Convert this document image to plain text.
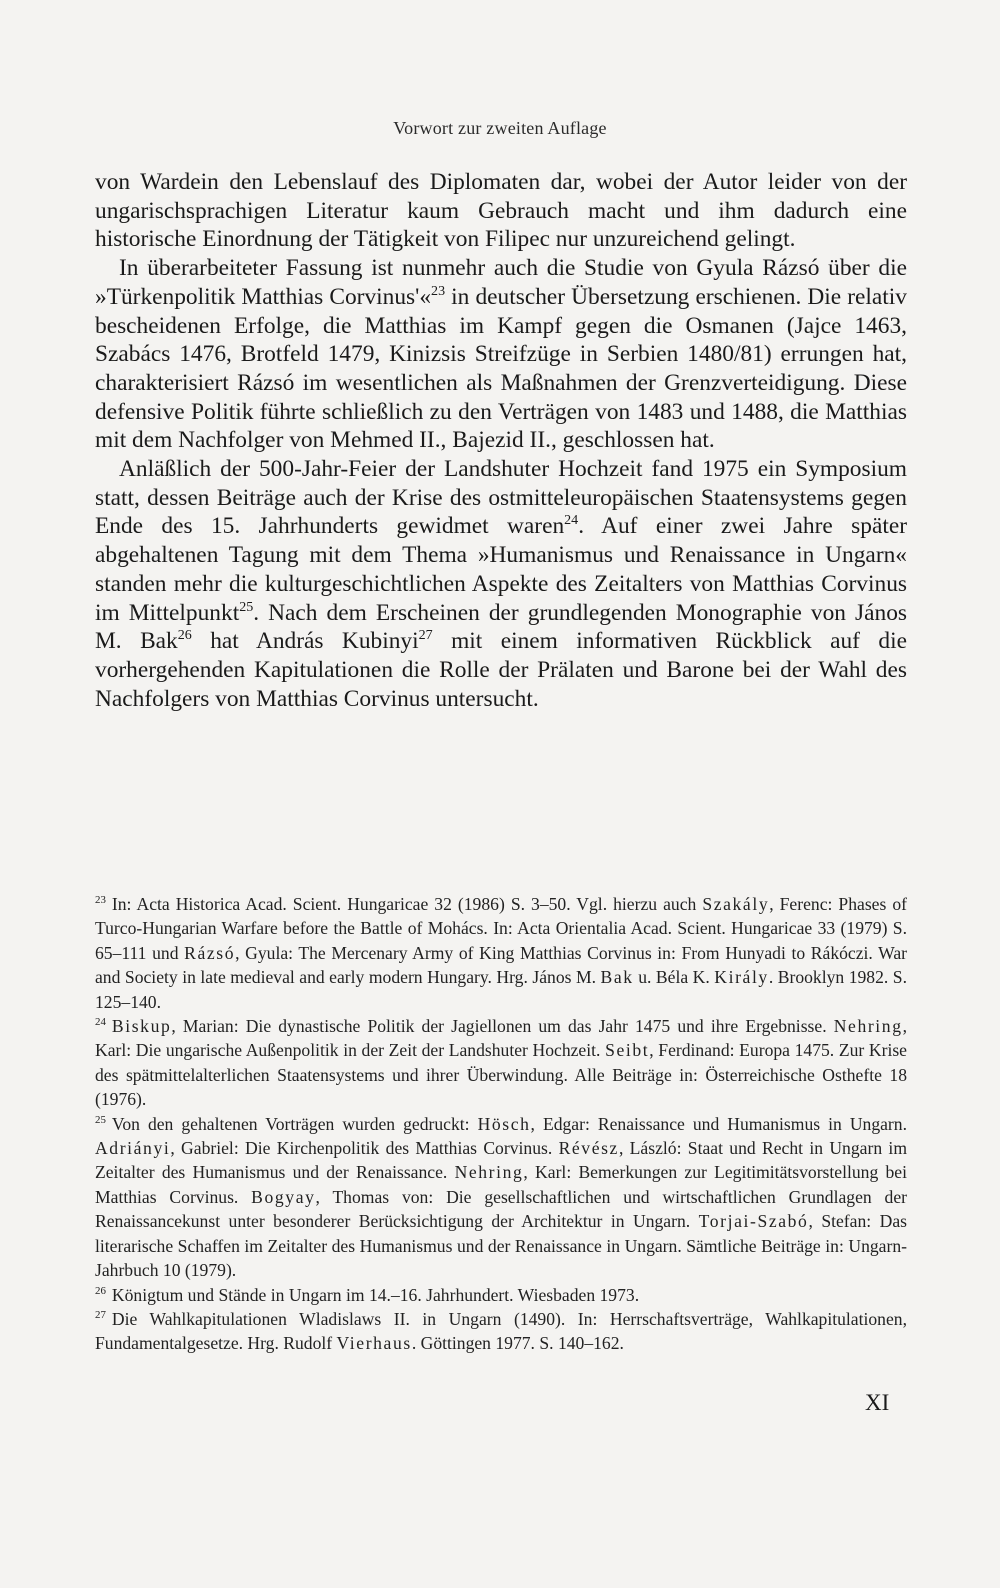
Vorwort zur zweiten Auflage

von Wardein den Lebenslauf des Diplomaten dar, wobei der Autor leider von der ungarischsprachigen Literatur kaum Gebrauch macht und ihm dadurch eine historische Einordnung der Tätigkeit von Filipec nur unzureichend gelingt.

In überarbeiteter Fassung ist nunmehr auch die Studie von Gyula Rázsó über die »Türkenpolitik Matthias Corvinus'«$^{23}$ in deutscher Übersetzung erschienen. Die relativ bescheidenen Erfolge, die Matthias im Kampf gegen die Osmanen (Jajce 1463, Szabács 1476, Brotfeld 1479, Kinizsis Streifzüge in Serbien 1480/81) errungen hat, charakterisiert Rázsó im wesentlichen als Maßnahmen der Grenzverteidigung. Diese defensive Politik führte schließlich zu den Verträgen von 1483 und 1488, die Matthias mit dem Nachfolger von Mehmed II., Bajezid II., geschlossen hat.

Anläßlich der 500-Jahr-Feier der Landshuter Hochzeit fand 1975 ein Symposium statt, dessen Beiträge auch der Krise des ostmitteleuropäischen Staatensystems gegen Ende des 15. Jahrhunderts gewidmet waren$^{24}$. Auf einer zwei Jahre später abgehaltenen Tagung mit dem Thema »Humanismus und Renaissance in Ungarn« standen mehr die kulturgeschichtlichen Aspekte des Zeitalters von Matthias Corvinus im Mittelpunkt$^{25}$. Nach dem Erscheinen der grundlegenden Monographie von János M. Bak$^{26}$ hat András Kubinyi$^{27}$ mit einem informativen Rückblick auf die vorhergehenden Kapitulationen die Rolle der Prälaten und Barone bei der Wahl des Nachfolgers von Matthias Corvinus untersucht.

$^{23}$ In: Acta Historica Acad. Scient. Hungaricae 32 (1986) S. 3–50. Vgl. hierzu auch Szakály, Ferenc: Phases of Turco-Hungarian Warfare before the Battle of Mohács. In: Acta Orientalia Acad. Scient. Hungaricae 33 (1979) S. 65–111 und Rázsó, Gyula: The Mercenary Army of King Matthias Corvinus in: From Hunyadi to Rákóczi. War and Society in late medieval and early modern Hungary. Hrg. János M. Bak u. Béla K. Király. Brooklyn 1982. S. 125–140.

$^{24}$ Biskup, Marian: Die dynastische Politik der Jagiellonen um das Jahr 1475 und ihre Ergebnisse. Nehring, Karl: Die ungarische Außenpolitik in der Zeit der Landshuter Hochzeit. Seibt, Ferdinand: Europa 1475. Zur Krise des spätmittelalterlichen Staatensystems und ihrer Überwindung. Alle Beiträge in: Österreichische Osthefte 18 (1976).

$^{25}$ Von den gehaltenen Vorträgen wurden gedruckt: Hösch, Edgar: Renaissance und Humanismus in Ungarn. Adriányi, Gabriel: Die Kirchenpolitik des Matthias Corvinus. Révész, László: Staat und Recht in Ungarn im Zeitalter des Humanismus und der Renaissance. Nehring, Karl: Bemerkungen zur Legitimitätsvorstellung bei Matthias Corvinus. Bogyay, Thomas von: Die gesellschaftlichen und wirtschaftlichen Grundlagen der Renaissancekunst unter besonderer Berücksichtigung der Architektur in Ungarn. Torjai-Szabó, Stefan: Das literarische Schaffen im Zeitalter des Humanismus und der Renaissance in Ungarn. Sämtliche Beiträge in: Ungarn-Jahrbuch 10 (1979).

$^{26}$ Königtum und Stände in Ungarn im 14.–16. Jahrhundert. Wiesbaden 1973.

$^{27}$ Die Wahlkapitulationen Wladislaws II. in Ungarn (1490). In: Herrschaftsverträge, Wahlkapitulationen, Fundamentalgesetze. Hrg. Rudolf Vierhaus. Göttingen 1977. S. 140–162.

XI
